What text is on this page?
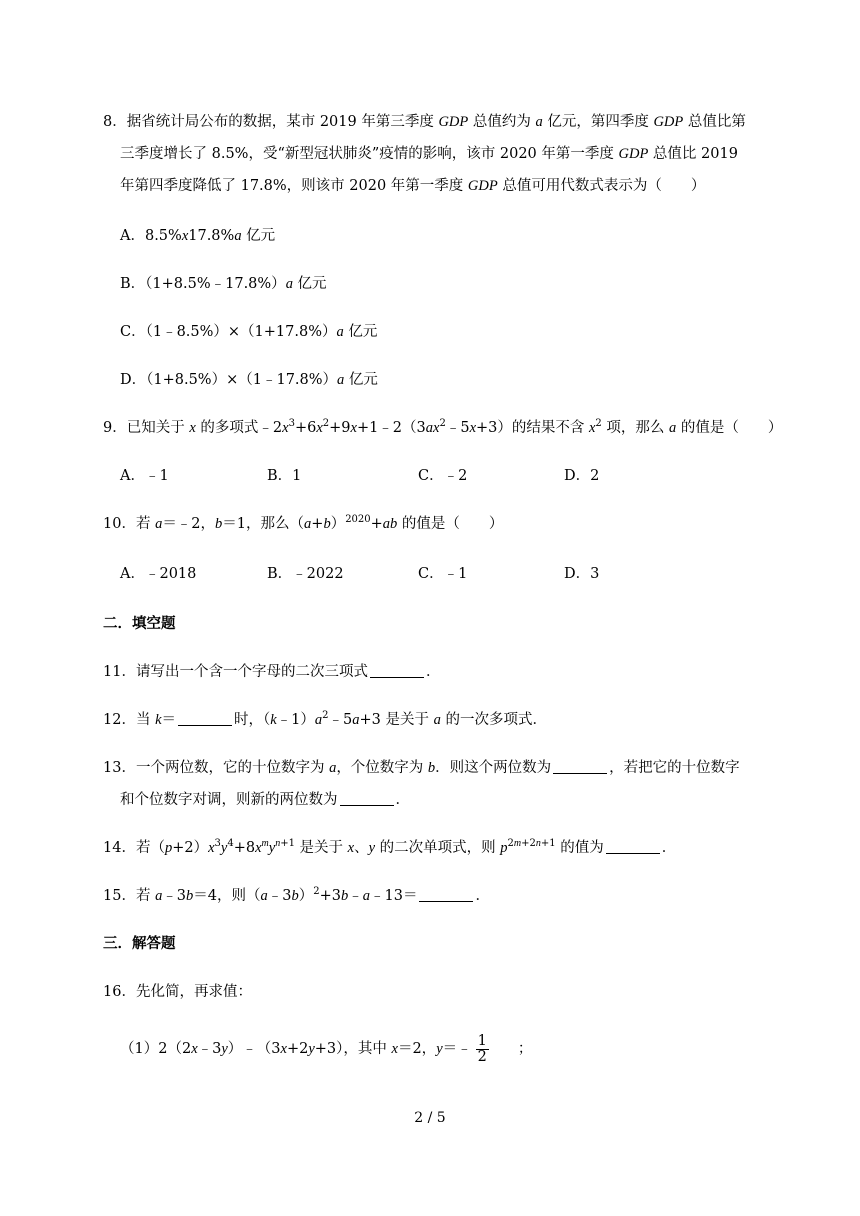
8．据省统计局公布的数据，某市 2019 年第三季度 GDP 总值约为 a 亿元，第四季度 GDP 总值比第
三季度增长了 8.5%，受“新型冠状肺炎”疫情的影响，该市 2020 年第一季度 GDP 总值比 2019
年第四季度降低了 17.8%，则该市 2020 年第一季度 GDP 总值可用代数式表示为（　　）
A．8.5%x17.8%a 亿元
B．（1+8.5%﹣17.8%）a 亿元
C．（1﹣8.5%）×（1+17.8%）a 亿元
D．（1+8.5%）×（1﹣17.8%）a 亿元
9．已知关于 x 的多项式$﹣2x^3+6x^2+9x+1﹣2(3ax^2﹣5x+3)$的结果不含 $x^2$ 项，那么 a 的值是（　　）
A．﹣1	B．1	C．﹣2	D．2
10．若 a＝﹣2，b＝1，那么$(a+b)^{2020}+ab$ 的值是（　　）
A．﹣2018	B．﹣2022	C．﹣1	D．3
二．填空题
11．请写出一个含一个字母的二次三项式	．
12．当 k＝	时，$(k﹣1)a^2﹣5a+3$ 是关于 a 的一次多项式．
13．一个两位数，它的十位数字为 a，个位数字为 b．则这个两位数为	，若把它的十位数字
和个位数字对调，则新的两位数为	．
14．若$(p+2)x^3y^4+8x^my^{n+1}$ 是关于 x、y 的二次单项式，则 $p^{2m+2n+1}$ 的值为	．
15．若 a﹣3b＝4，则（a﹣3b）$^2$+3b﹣a﹣13＝	．
三．解答题
16．先化简，再求值：
（1）2（2x﹣3y）﹣（3x+2y+3），其中 x＝2，y＝﹣ $\frac{1}{2}$ 　　；
2 / 5
